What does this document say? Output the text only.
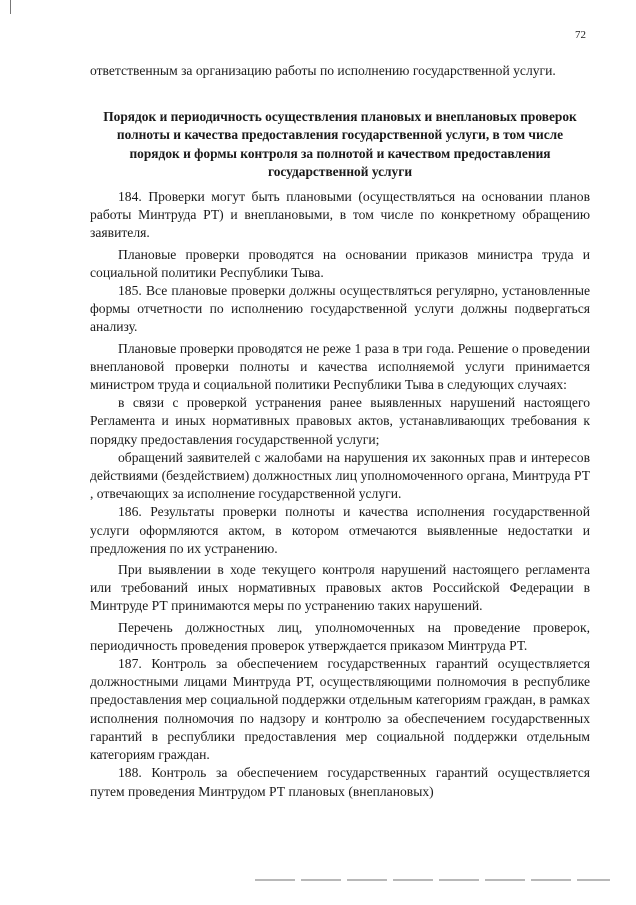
72
ответственным за организацию работы по исполнению государственной услуги.
Порядок и периодичность осуществления плановых и внеплановых проверок полноты и качества предоставления государственной услуги, в том числе порядок и формы контроля за полнотой и качеством предоставления государственной услуги

184. Проверки могут быть плановыми (осуществляться на основании планов работы Минтруда РТ) и внеплановыми, в том числе по конкретному обращению заявителя.

Плановые проверки проводятся на основании приказов министра труда и социальной политики Республики Тыва.

185. Все плановые проверки должны осуществляться регулярно, установленные формы отчетности по исполнению государственной услуги должны подвергаться анализу.

Плановые проверки проводятся не реже 1 раза в три года. Решение о проведении внеплановой проверки полноты и качества исполняемой услуги принимается министром труда и социальной политики Республики Тыва в следующих случаях:

в связи с проверкой устранения ранее выявленных нарушений настоящего Регламента и иных нормативных правовых актов, устанавливающих требования к порядку предоставления государственной услуги;

обращений заявителей с жалобами на нарушения их законных прав и интересов действиями (бездействием) должностных лиц уполномоченного органа, Минтруда РТ , отвечающих за исполнение государственной услуги.

186. Результаты проверки полноты и качества исполнения государственной услуги оформляются актом, в котором отмечаются выявленные недостатки и предложения по их устранению.

При выявлении в ходе текущего контроля нарушений настоящего регламента или требований иных нормативных правовых актов Российской Федерации в Минтруде РТ принимаются меры по устранению таких нарушений.

Перечень должностных лиц, уполномоченных на проведение проверок, периодичность проведения проверок утверждается приказом Минтруда РТ.

187. Контроль за обеспечением государственных гарантий осуществляется должностными лицами Минтруда РТ, осуществляющими полномочия в республике предоставления мер социальной поддержки отдельным категориям граждан, в рамках исполнения полномочия по надзору и контролю за обеспечением государственных гарантий в республики предоставления мер социальной поддержки отдельным категориям граждан.

188. Контроль за обеспечением государственных гарантий осуществляется путем проведения Минтрудом РТ плановых (внеплановых)
